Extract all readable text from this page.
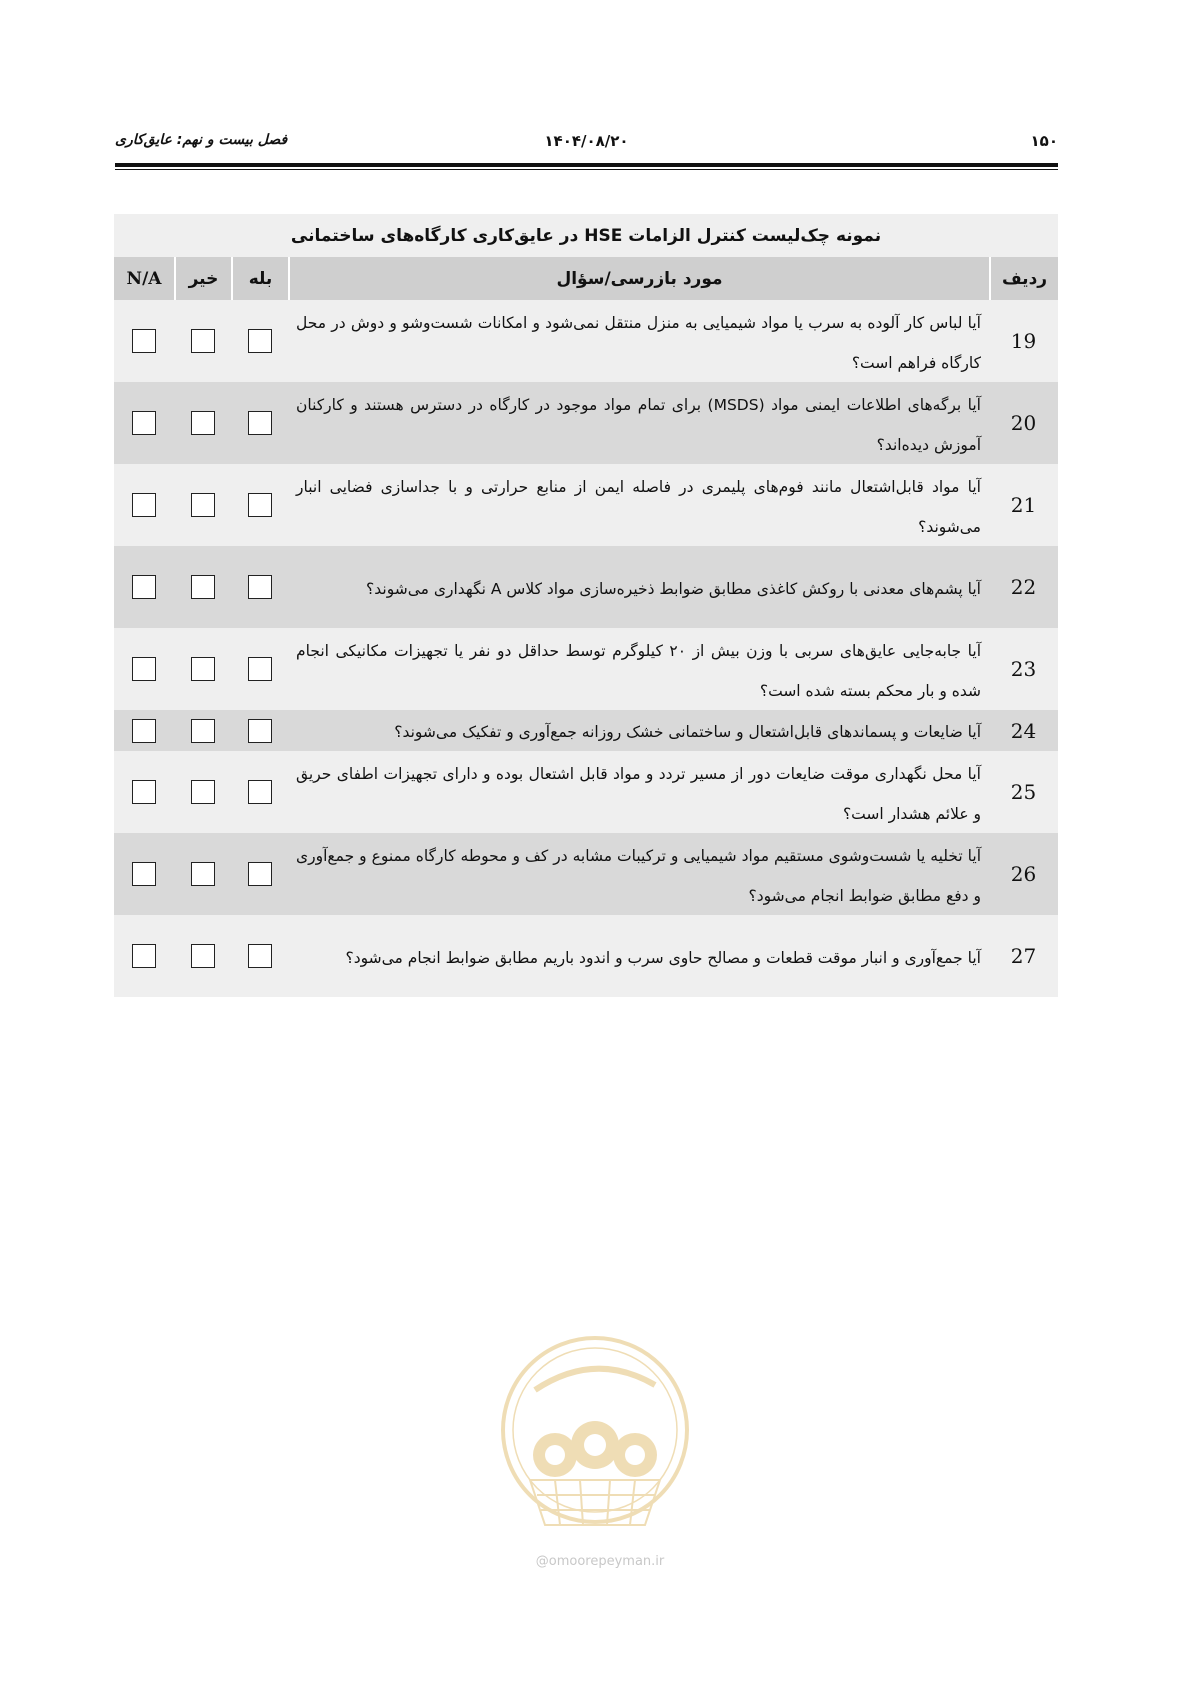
۱۵۰
۱۴۰۴/۰۸/۲۰
فصل بیست و نهم: عایق‌کاری
نمونه چک‌لیست کنترل الزامات HSE در عایق‌کاری کارگاه‌های ساختمانی
ردیف
مورد بازرسی/سؤال
بله
خیر
N/A
19
آیا لباس کار آلوده به سرب یا مواد شیمیایی به منزل منتقل نمی‌شود و امکانات شست‌وشو و دوش در محل کارگاه فراهم است؟
20
آیا برگه‌های اطلاعات ایمنی مواد (MSDS) برای تمام مواد موجود در کارگاه در دسترس هستند و کارکنان آموزش دیده‌اند؟
21
آیا مواد قابل‌اشتعال مانند فوم‌های پلیمری در فاصله ایمن از منابع حرارتی و با جداسازی فضایی انبار می‌شوند؟
22
آیا پشم‌های معدنی با روکش کاغذی مطابق ضوابط ذخیره‌سازی مواد کلاس A نگهداری می‌شوند؟
23
آیا جابه‌جایی عایق‌های سربی با وزن بیش از ۲۰ کیلوگرم توسط حداقل دو نفر یا تجهیزات مکانیکی انجام شده و بار محکم بسته شده است؟
24
آیا ضایعات و پسماندهای قابل‌اشتعال و ساختمانی خشک روزانه جمع‌آوری و تفکیک می‌شوند؟
25
آیا محل نگهداری موقت ضایعات دور از مسیر تردد و مواد قابل اشتعال بوده و دارای تجهیزات اطفای حریق و علائم هشدار است؟
26
آیا تخلیه یا شست‌وشوی مستقیم مواد شیمیایی و ترکیبات مشابه در کف و محوطه کارگاه ممنوع و جمع‌آوری و دفع مطابق ضوابط انجام می‌شود؟
27
آیا جمع‌آوری و انبار موقت قطعات و مصالح حاوی سرب و اندود باریم مطابق ضوابط انجام می‌شود؟
@omoorepeyman.ir
